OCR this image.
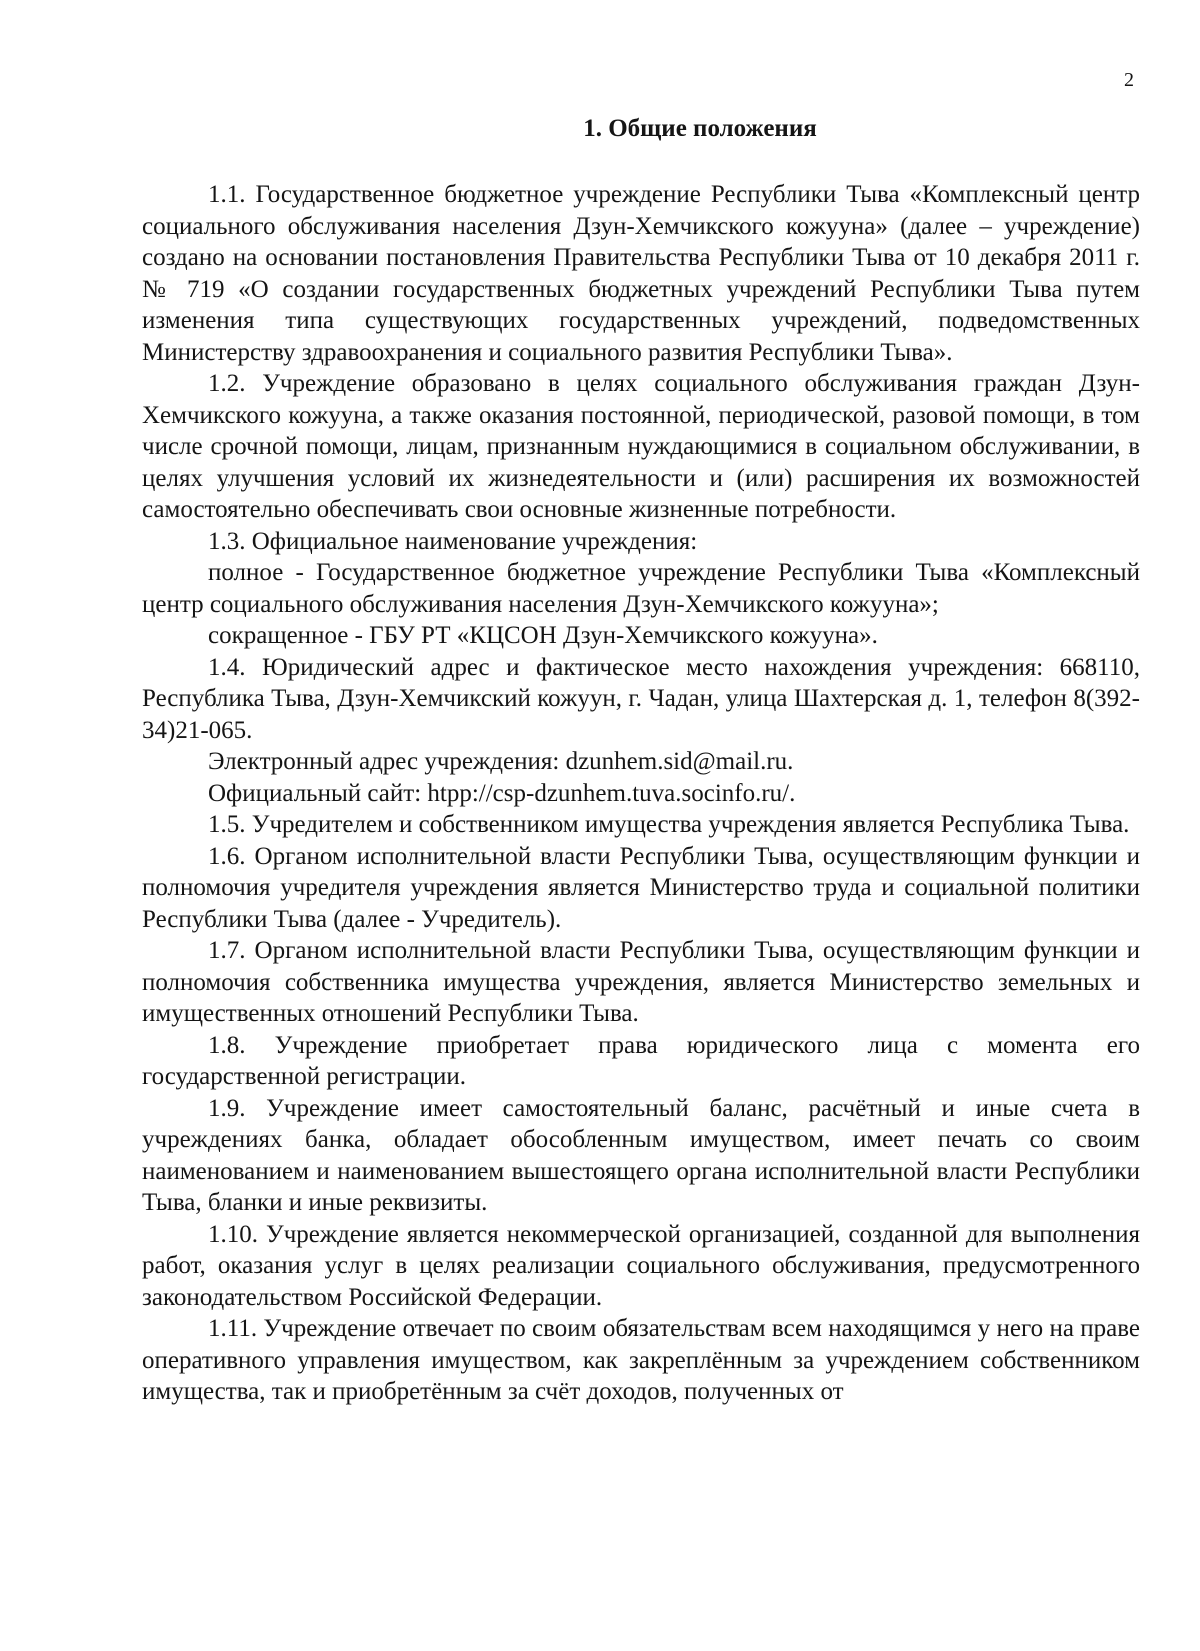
2
1. Общие положения

1.1. Государственное бюджетное учреждение Республики Тыва «Комплексный центр социального обслуживания населения Дзун-Хемчикского кожууна» (далее – учреждение) создано на основании постановления Правительства Республики Тыва от 10 декабря 2011 г. № 719 «О создании государственных бюджетных учреждений Республики Тыва путем изменения типа существующих государственных учреждений, подведомственных Министерству здравоохранения и социального развития Республики Тыва».

1.2. Учреждение образовано в целях социального обслуживания граждан Дзун-Хемчикского кожууна, а также оказания постоянной, периодической, разовой помощи, в том числе срочной помощи, лицам, признанным нуждающимися в социальном обслуживании, в целях улучшения условий их жизнедеятельности и (или) расширения их возможностей самостоятельно обеспечивать свои основные жизненные потребности.

1.3. Официальное наименование учреждения:

полное - Государственное бюджетное учреждение Республики Тыва «Комплексный центр социального обслуживания населения Дзун-Хемчикского кожууна»;

сокращенное - ГБУ РТ «КЦСОН Дзун-Хемчикского кожууна».

1.4. Юридический адрес и фактическое место нахождения учреждения: 668110, Республика Тыва, Дзун-Хемчикский кожуун, г. Чадан, улица Шахтерская д. 1, телефон 8(392-34)21-065.

Электронный адрес учреждения: dzunhem.sid@mail.ru.

Официальный сайт: htpp://csp-dzunhem.tuva.socinfo.ru/.

1.5. Учредителем и собственником имущества учреждения является Республика Тыва.

1.6. Органом исполнительной власти Республики Тыва, осуществляющим функции и полномочия учредителя учреждения является Министерство труда и социальной политики Республики Тыва (далее - Учредитель).

1.7. Органом исполнительной власти Республики Тыва, осуществляющим функции и полномочия собственника имущества учреждения, является Министерство земельных и имущественных отношений Республики Тыва.

1.8. Учреждение приобретает права юридического лица с момента его государственной регистрации.

1.9. Учреждение имеет самостоятельный баланс, расчётный и иные счета в учреждениях банка, обладает обособленным имуществом, имеет печать со своим наименованием и наименованием вышестоящего органа исполнительной власти Республики Тыва, бланки и иные реквизиты.

1.10. Учреждение является некоммерческой организацией, созданной для выполнения работ, оказания услуг в целях реализации социального обслуживания, предусмотренного законодательством Российской Федерации.

1.11. Учреждение отвечает по своим обязательствам всем находящимся у него на праве оперативного управления имуществом, как закреплённым за учреждением собственником имущества, так и приобретённым за счёт доходов, полученных от
